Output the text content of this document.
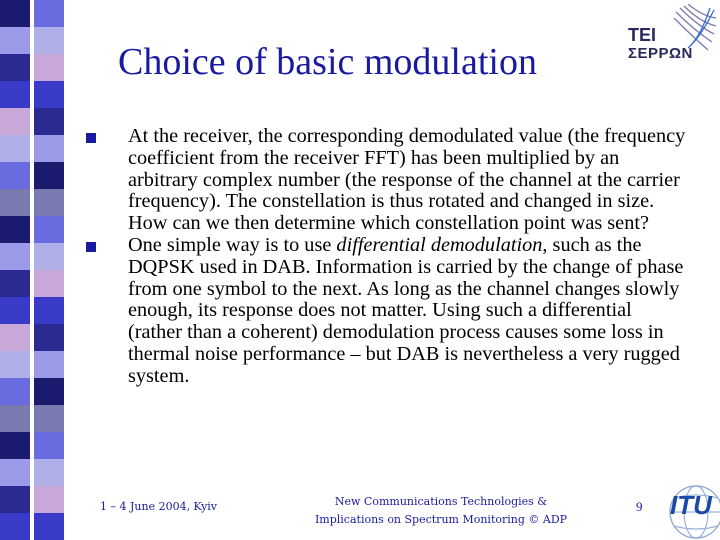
Choice of basic modulation
TEI
ΣΕΡΡΩΝ
At the receiver, the corresponding demodulated value (the frequency coefficient from the receiver FFT) has been multiplied by an arbitrary complex number (the response of the channel at the carrier frequency). The constellation is thus rotated and changed in size. How can we then determine which constellation point was sent?
One simple way is to use differential demodulation, such as the DQPSK used in DAB. Information is carried by the change of phase from one symbol to the next. As long as the channel changes slowly enough, its response does not matter. Using such a differential (rather than a coherent) demodulation process causes some loss in thermal noise performance – but DAB is nevertheless a very rugged system.
1 – 4 June 2004, Kyiv	New Communications Technologies &
Implications on Spectrum Monitoring © ADP
9 ITU
